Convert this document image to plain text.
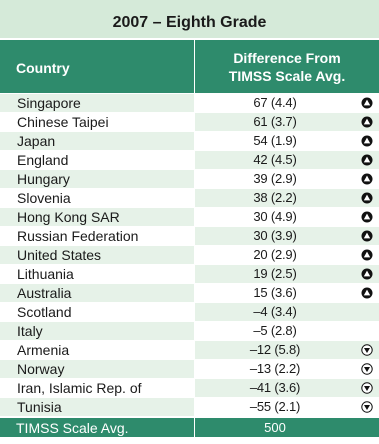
2007 – Eighth Grade
Country
Difference From
TIMSS Scale Avg.
Singapore	67 (4.4)
Chinese Taipei	61 (3.7)
Japan	54 (1.9)
England	42 (4.5)
Hungary	39 (2.9)
Slovenia	38 (2.2)
Hong Kong SAR	30 (4.9)
Russian Federation	30 (3.9)
United States	20 (2.9)
Lithuania	19 (2.5)
Australia	15 (3.6)
Scotland	–4 (3.4)
Italy	–5 (2.8)
Armenia	–12 (5.8)
Norway	–13 (2.2)
Iran, Islamic Rep. of	–41 (3.6)
Tunisia	–55 (2.1)
TIMSS Scale Avg.	500
